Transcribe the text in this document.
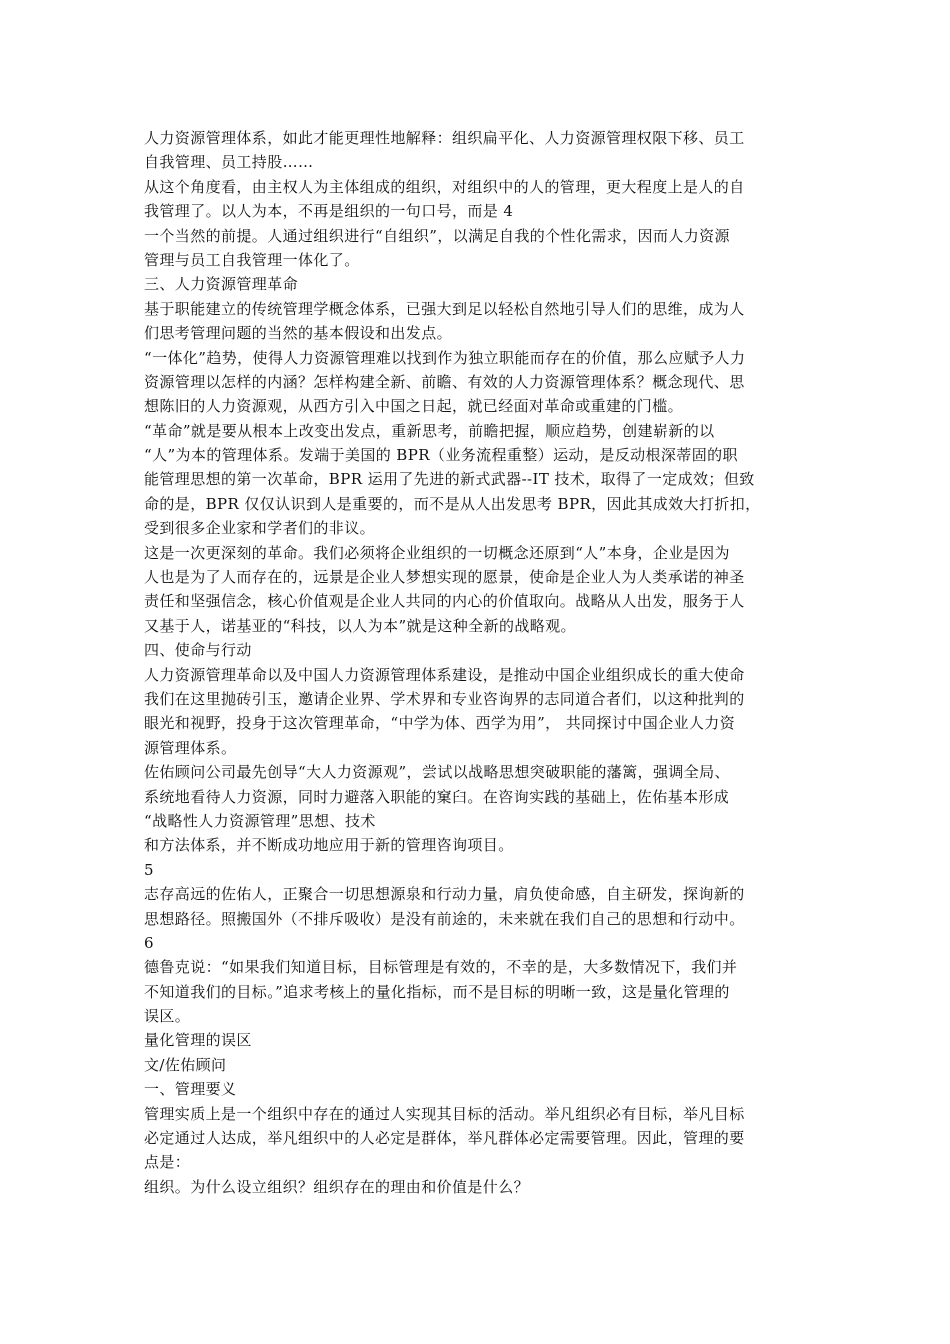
人力资源管理体系，如此才能更理性地解释：组织扁平化、人力资源管理权限下移、员工

自我管理、员工持股……

从这个角度看，由主权人为主体组成的组织，对组织中的人的管理，更大程度上是人的自

我管理了。以人为本，不再是组织的一句口号，而是 4

一个当然的前提。人通过组织进行“自组织”，以满足自我的个性化需求，因而人力资源

管理与员工自我管理一体化了。

三、人力资源管理革命

基于职能建立的传统管理学概念体系，已强大到足以轻松自然地引导人们的思维，成为人

们思考管理问题的当然的基本假设和出发点。

“一体化”趋势，使得人力资源管理难以找到作为独立职能而存在的价值，那么应赋予人力

资源管理以怎样的内涵？怎样构建全新、前瞻、有效的人力资源管理体系？概念现代、思

想陈旧的人力资源观，从西方引入中国之日起，就已经面对革命或重建的门槛。

“革命”就是要从根本上改变出发点，重新思考，前瞻把握，顺应趋势，创建崭新的以

“人”为本的管理体系。发端于美国的 BPR（业务流程重整）运动，是反动根深蒂固的职

能管理思想的第一次革命，BPR 运用了先进的新式武器--IT 技术，取得了一定成效；但致

命的是，BPR 仅仅认识到人是重要的，而不是从人出发思考 BPR，因此其成效大打折扣，

受到很多企业家和学者们的非议。

这是一次更深刻的革命。我们必须将企业组织的一切概念还原到“人”本身，企业是因为

人也是为了人而存在的，远景是企业人梦想实现的愿景，使命是企业人为人类承诺的神圣

责任和坚强信念，核心价值观是企业人共同的内心的价值取向。战略从人出发，服务于人

又基于人，诺基亚的“科技，以人为本”就是这种全新的战略观。

四、使命与行动

人力资源管理革命以及中国人力资源管理体系建设，是推动中国企业组织成长的重大使命

我们在这里抛砖引玉，邀请企业界、学术界和专业咨询界的志同道合者们，以这种批判的

眼光和视野，投身于这次管理革命，“中学为体、西学为用”， 共同探讨中国企业人力资

源管理体系。

佐佑顾问公司最先创导“大人力资源观”，尝试以战略思想突破职能的藩篱，强调全局、

系统地看待人力资源，同时力避落入职能的窠臼。在咨询实践的基础上，佐佑基本形成

“战略性人力资源管理”思想、技术

和方法体系，并不断成功地应用于新的管理咨询项目。

5

志存高远的佐佑人，正聚合一切思想源泉和行动力量，肩负使命感，自主研发，探询新的

思想路径。照搬国外（不排斥吸收）是没有前途的，未来就在我们自己的思想和行动中。

6

德鲁克说：“如果我们知道目标，目标管理是有效的，不幸的是，大多数情况下，我们并

不知道我们的目标。”追求考核上的量化指标，而不是目标的明晰一致，这是量化管理的

误区。

量化管理的误区

文/佐佑顾问

一、管理要义

管理实质上是一个组织中存在的通过人实现其目标的活动。举凡组织必有目标，举凡目标

必定通过人达成，举凡组织中的人必定是群体，举凡群体必定需要管理。因此，管理的要

点是：

组织。为什么设立组织？组织存在的理由和价值是什么？
